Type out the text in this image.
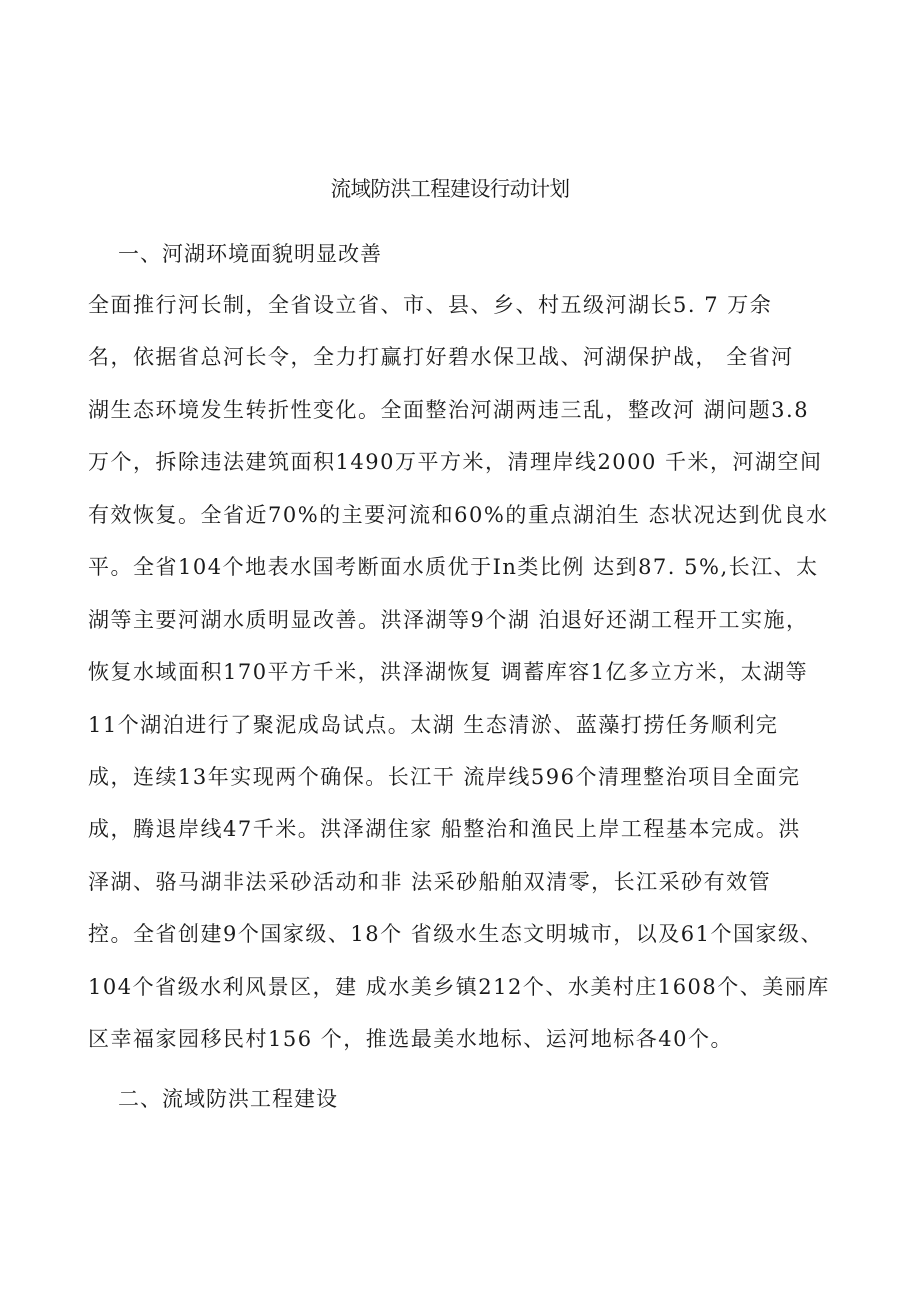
流域防洪工程建设行动计划
一、河湖环境面貌明显改善
全面推行河长制，全省设立省、市、县、乡、村五级河湖长5. 7 万余
名，依据省总河长令，全力打赢打好碧水保卫战、河湖保护战， 全省河
湖生态环境发生转折性变化。全面整治河湖两违三乱，整改河 湖问题3.8
万个，拆除违法建筑面积1490万平方米，清理岸线2000 千米，河湖空间
有效恢复。全省近70%的主要河流和60%的重点湖泊生 态状况达到优良水
平。全省104个地表水国考断面水质优于In类比例 达到87. 5%,长江、太
湖等主要河湖水质明显改善。洪泽湖等9个湖 泊退好还湖工程开工实施，
恢复水域面积170平方千米，洪泽湖恢复 调蓄库容1亿多立方米，太湖等
11个湖泊进行了聚泥成岛试点。太湖 生态清淤、蓝藻打捞任务顺利完
成，连续13年实现两个确保。长江干 流岸线596个清理整治项目全面完
成，腾退岸线47千米。洪泽湖住家 船整治和渔民上岸工程基本完成。洪
泽湖、骆马湖非法采砂活动和非 法采砂船舶双清零，长江采砂有效管
控。全省创建9个国家级、18个 省级水生态文明城市，以及61个国家级、
104个省级水利风景区，建 成水美乡镇212个、水美村庄1608个、美丽库
区幸福家园移民村156 个，推选最美水地标、运河地标各40个。
二、流域防洪工程建设
